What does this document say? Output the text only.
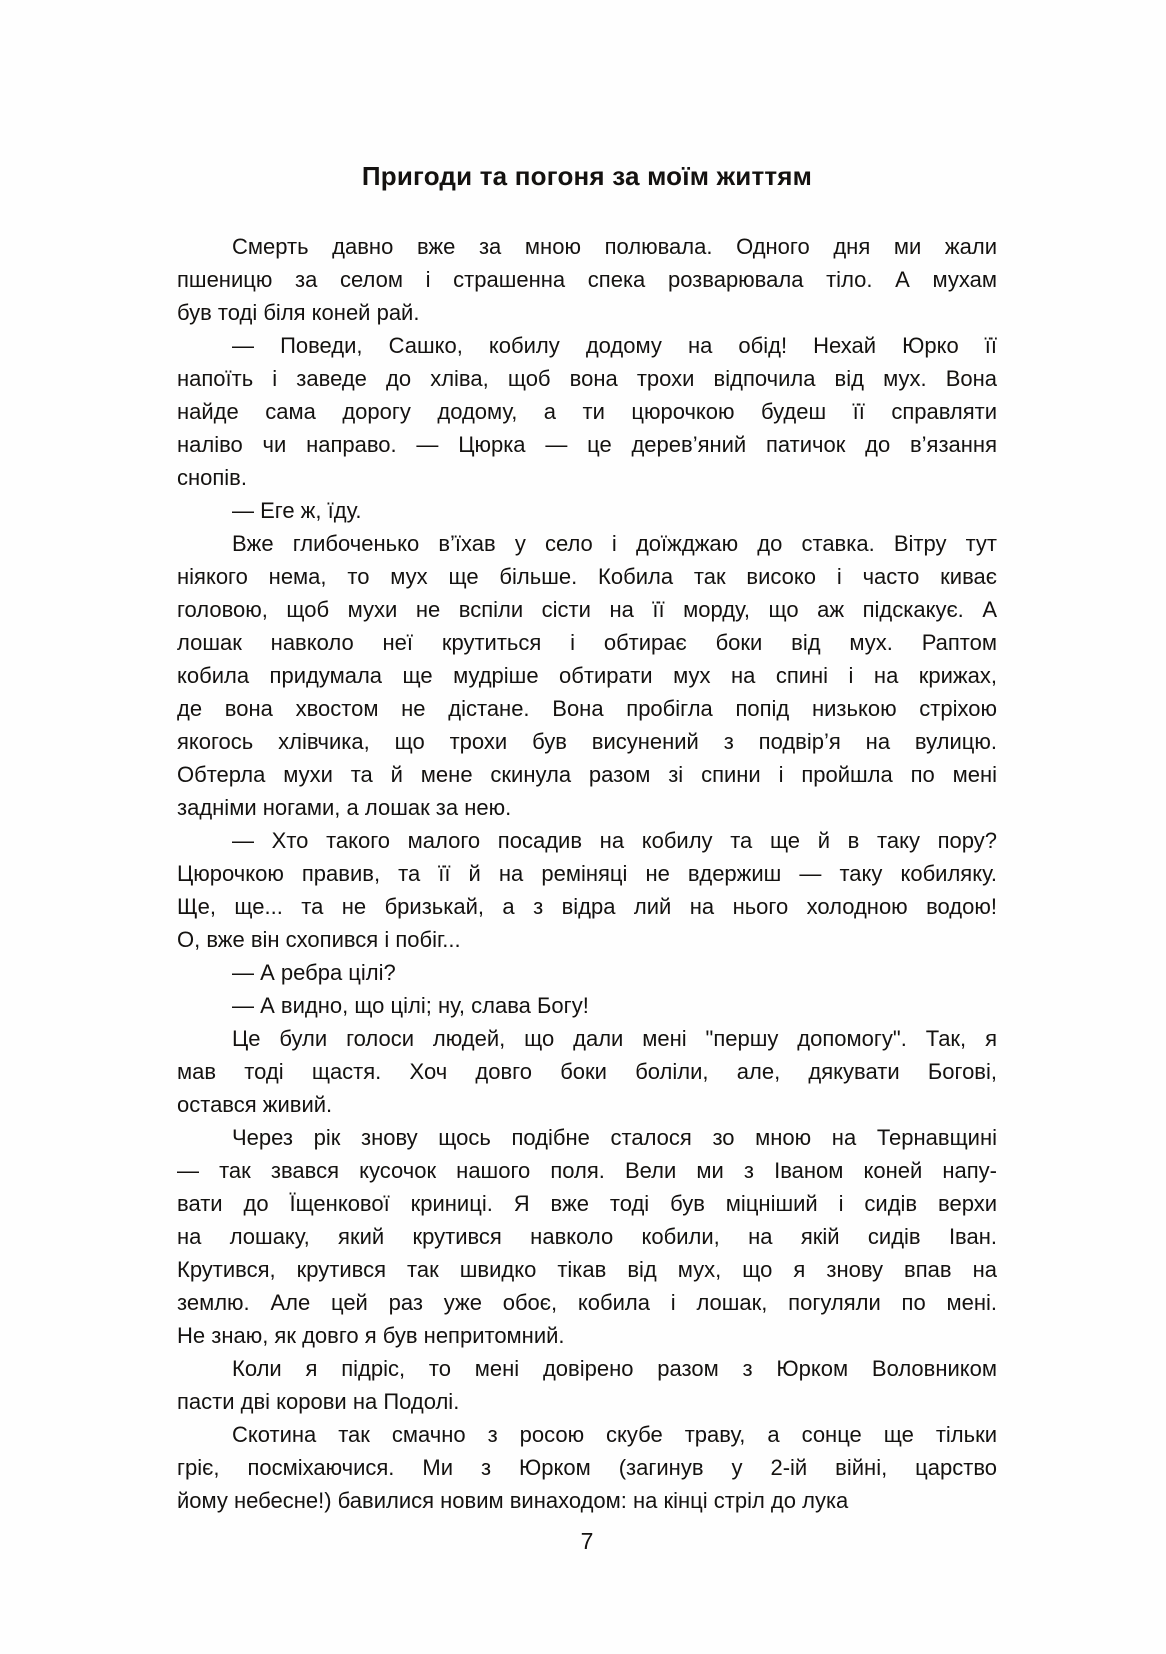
Пригоди та погоня за моїм життям
Смерть давно вже за мною полювала. Одного дня ми жали
пшеницю за селом і страшенна спека розварювала тіло. А мухам
був тоді біля коней рай.
— Поведи, Сашко, кобилу додому на обід! Нехай Юрко її
напоїть і заведе до хліва, щоб вона трохи відпочила від мух. Вона
найде сама дорогу додому, а ти цюрочкою будеш її справляти
наліво чи направо. — Цюрка — це дерев’яний патичок до в’язання
снопів.
— Еге ж, їду.
Вже глибоченько в’їхав у село і доїжджаю до ставка. Вітру тут
ніякого нема, то мух ще більше. Кобила так високо і часто киває
головою, щоб мухи не вспіли сісти на її морду, що аж підскакує. А
лошак навколо неї крутиться і обтирає боки від мух. Раптом
кобила придумала ще мудріше обтирати мух на спині і на крижах,
де вона хвостом не дістане. Вона пробігла попід низькою стріхою
якогось хлівчика, що трохи був висунений з подвір’я на вулицю.
Обтерла мухи та й мене скинула разом зі спини і пройшла по мені
задніми ногами, а лошак за нею.
— Хто такого малого посадив на кобилу та ще й в таку пору?
Цюрочкою правив, та її й на реміняці не вдержиш — таку кобиляку.
Ще, ще... та не бризькай, а з відра лий на нього холодною водою!
О, вже він схопився і побіг...
— А ребра цілі?
— А видно, що цілі; ну, слава Богу!
Це були голоси людей, що дали мені "першу допомогу". Так, я
мав тоді щастя. Хоч довго боки боліли, але, дякувати Богові,
остався живий.
Через рік знову щось подібне сталося зо мною на Тернавщині
— так звався кусочок нашого поля. Вели ми з Іваном коней напу-
вати до Їщенкової криниці. Я вже тоді був міцніший і сидів верхи
на лошаку, який крутився навколо кобили, на якій сидів Іван.
Крутився, крутився так швидко тікав від мух, що я знову впав на
землю. Але цей раз уже обоє, кобила і лошак, погуляли по мені.
Не знаю, як довго я був непритомний.
Коли я підріс, то мені довірено разом з Юрком Воловником
пасти дві корови на Подолі.
Скотина так смачно з росою скубе траву, а сонце ще тільки
гріє, посміхаючися. Ми з Юрком (загинув у 2-ій війні, царство
йому небесне!) бавилися новим винаходом: на кінці стріл до лука
7
